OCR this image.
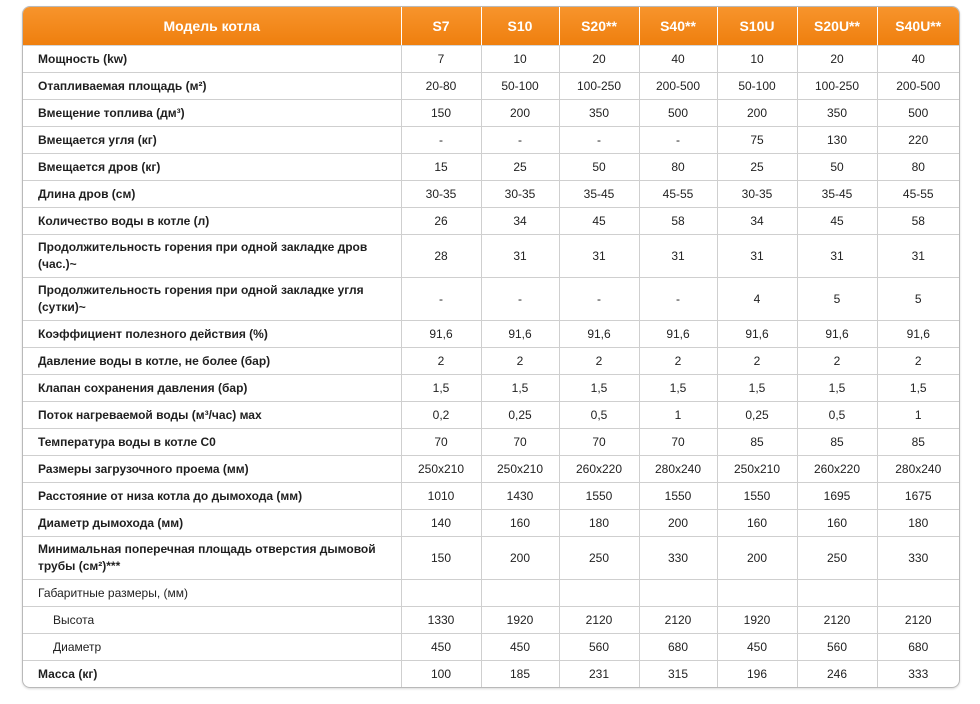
Модель котла	S7	S10	S20**	S40**	S10U	S20U**	S40U**
Мощность (kw)	7	10	20	40	10	20	40
Отапливаемая площадь (м²)	20-80	50-100	100-250	200-500	50-100	100-250	200-500
Вмещение топлива (дм³)	150	200	350	500	200	350	500
Вмещается угля (кг)	-	-	-	-	75	130	220
Вмещается дров (кг)	15	25	50	80	25	50	80
Длина дров (см)	30-35	30-35	35-45	45-55	30-35	35-45	45-55
Количество воды в котле (л)	26	34	45	58	34	45	58
Продолжительность горения при одной закладке дров (час.)~	28	31	31	31	31	31	31
Продолжительность горения при одной закладке угля (сутки)~	-	-	-	-	4	5	5
Коэффициент полезного действия (%)	91,6	91,6	91,6	91,6	91,6	91,6	91,6
Давление воды в котле, не более (бар)	2	2	2	2	2	2	2
Клапан сохранения давления (бар)	1,5	1,5	1,5	1,5	1,5	1,5	1,5
Поток нагреваемой воды (м³/час) мах	0,2	0,25	0,5	1	0,25	0,5	1
Температура воды в котле С0	70	70	70	70	85	85	85
Размеры загрузочного проема (мм)	250x210	250x210	260x220	280x240	250x210	260x220	280x240
Расстояние от низа котла до дымохода (мм)	1010	1430	1550	1550	1550	1695	1675
Диаметр дымохода (мм)	140	160	180	200	160	160	180
Минимальная поперечная площадь отверстия дымовой трубы (см²)***	150	200	250	330	200	250	330
Габаритные размеры, (мм)							
Высота	1330	1920	2120	2120	1920	2120	2120
Диаметр	450	450	560	680	450	560	680
Масса (кг)	100	185	231	315	196	246	333
